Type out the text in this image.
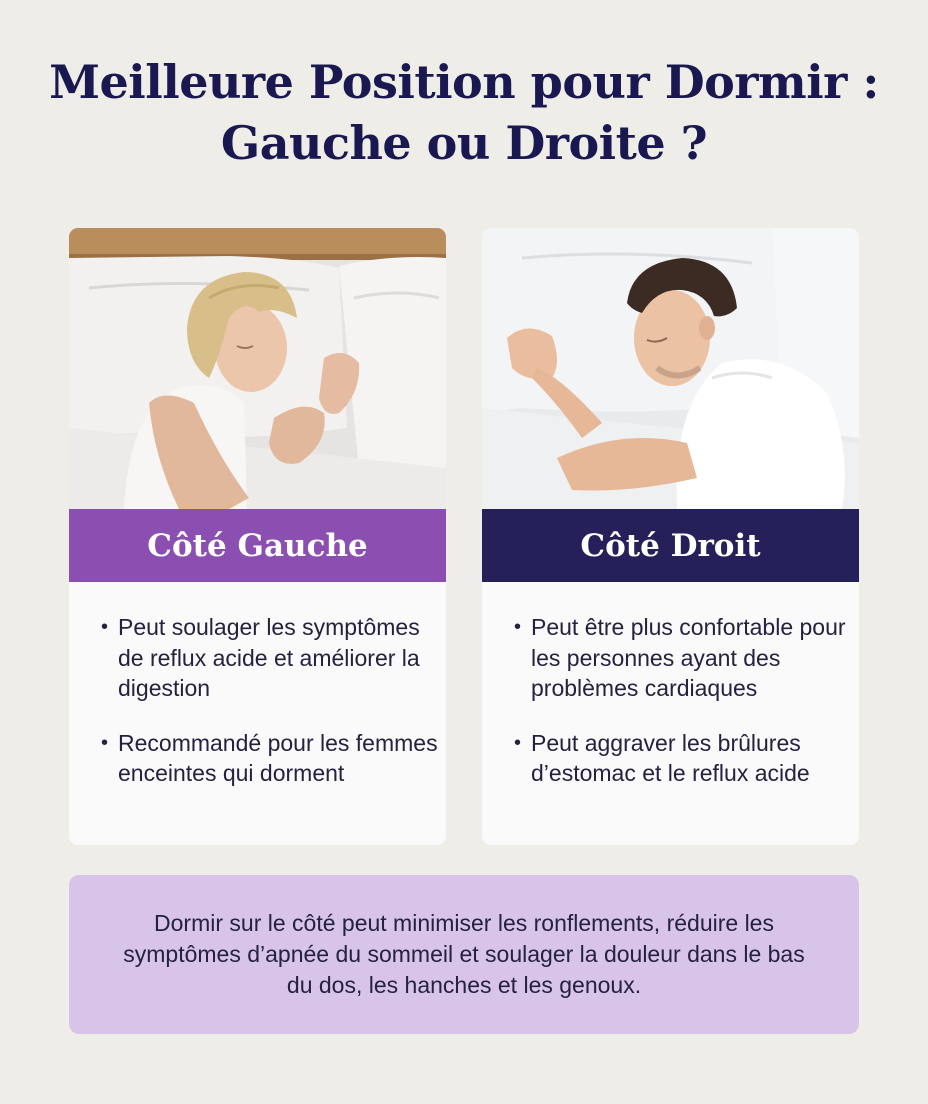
Meilleure Position pour Dormir :
Gauche ou Droite ?
Côté Gauche
• Peut soulager les symptômes de reflux acide et améliorer la digestion
• Recommandé pour les femmes enceintes qui dorment
Côté Droit
• Peut être plus confortable pour les personnes ayant des problèmes cardiaques
• Peut aggraver les brûlures d’estomac et le reflux acide

Dormir sur le côté peut minimiser les ronflements, réduire les symptômes d’apnée du sommeil et soulager la douleur dans le bas du dos, les hanches et les genoux.
